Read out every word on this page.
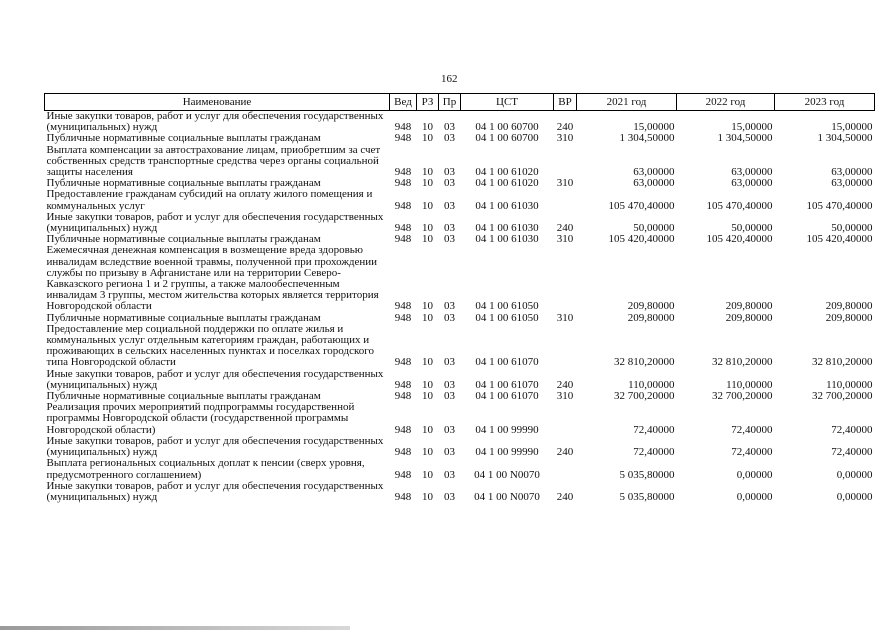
162
Наименование	Вед	РЗ	Пр	ЦСТ	ВР	2021 год	2022 год	2023 год
Иные закупки товаров, работ и услуг для обеспечения государственных (муниципальных) нужд	948	10	03	04 1 00 60700	240	15,00000	15,00000	15,00000
Публичные нормативные социальные выплаты гражданам	948	10	03	04 1 00 60700	310	1 304,50000	1 304,50000	1 304,50000
Выплата компенсации за автострахование лицам, приобретшим за счет собственных средств транспортные средства через органы социальной защиты населения	948	10	03	04 1 00 61020		63,00000	63,00000	63,00000
Публичные нормативные социальные выплаты гражданам	948	10	03	04 1 00 61020	310	63,00000	63,00000	63,00000
Предоставление гражданам субсидий на оплату жилого помещения и коммунальных услуг	948	10	03	04 1 00 61030		105 470,40000	105 470,40000	105 470,40000
Иные закупки товаров, работ и услуг для обеспечения государственных (муниципальных) нужд	948	10	03	04 1 00 61030	240	50,00000	50,00000	50,00000
Публичные нормативные социальные выплаты гражданам	948	10	03	04 1 00 61030	310	105 420,40000	105 420,40000	105 420,40000
Ежемесячная денежная компенсация в возмещение вреда здоровью инвалидам вследствие военной травмы, полученной при прохождении службы по призыву в Афганистане или на территории Северо-Кавказского региона 1 и 2 группы, а также малообеспеченным инвалидам 3 группы, местом жительства которых является территория Новгородской области	948	10	03	04 1 00 61050		209,80000	209,80000	209,80000
Публичные нормативные социальные выплаты гражданам	948	10	03	04 1 00 61050	310	209,80000	209,80000	209,80000
Предоставление мер социальной поддержки по оплате жилья и коммунальных услуг отдельным категориям граждан, работающих и проживающих в сельских населенных пунктах и поселках городского типа Новгородской области	948	10	03	04 1 00 61070		32 810,20000	32 810,20000	32 810,20000
Иные закупки товаров, работ и услуг для обеспечения государственных (муниципальных) нужд	948	10	03	04 1 00 61070	240	110,00000	110,00000	110,00000
Публичные нормативные социальные выплаты гражданам	948	10	03	04 1 00 61070	310	32 700,20000	32 700,20000	32 700,20000
Реализация прочих мероприятий подпрограммы государственной программы Новгородской области (государственной программы Новгородской области)	948	10	03	04 1 00 99990		72,40000	72,40000	72,40000
Иные закупки товаров, работ и услуг для обеспечения государственных (муниципальных) нужд	948	10	03	04 1 00 99990	240	72,40000	72,40000	72,40000
Выплата региональных социальных доплат к пенсии (сверх уровня, предусмотренного соглашением)	948	10	03	04 1 00 N0070		5 035,80000	0,00000	0,00000
Иные закупки товаров, работ и услуг для обеспечения государственных (муниципальных) нужд	948	10	03	04 1 00 N0070	240	5 035,80000	0,00000	0,00000
